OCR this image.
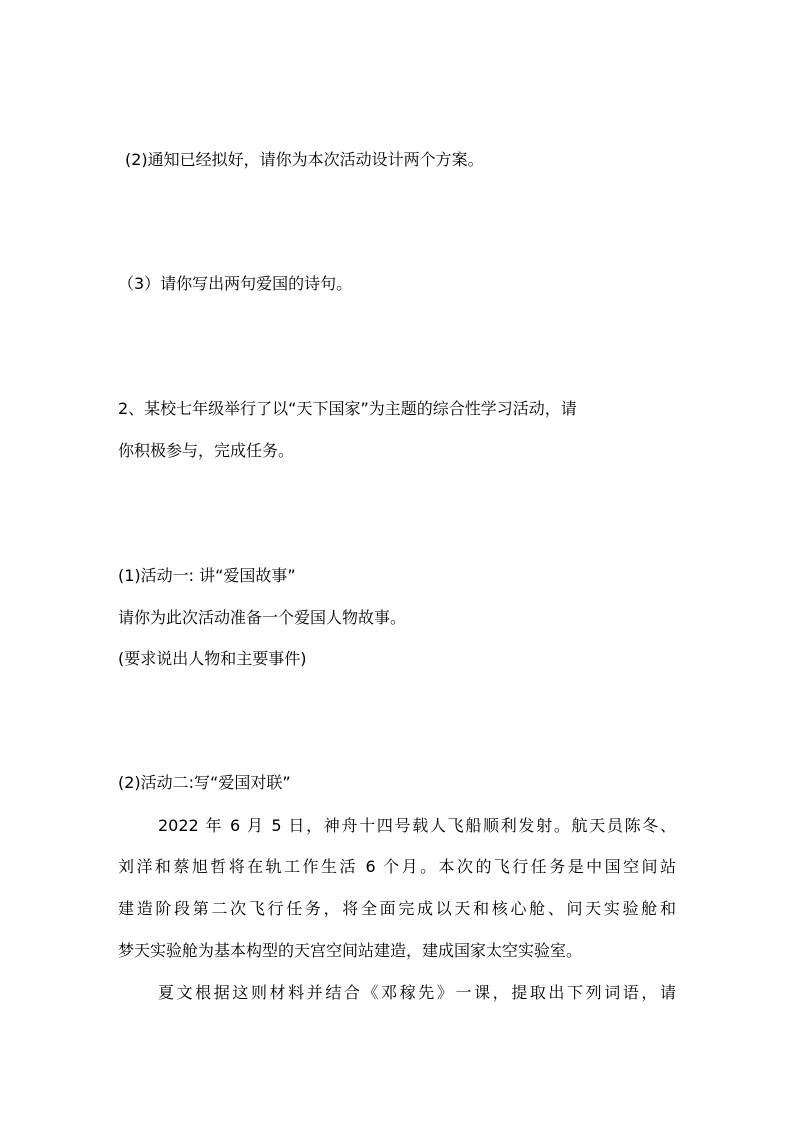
(2)通知已经拟好，请你为本次活动设计两个方案。
（3）请你写出两句爱国的诗句。
2、某校七年级举行了以“天下国家”为主题的综合性学习活动，请
你积极参与，完成任务。
(1)活动一: 讲“爱国故事”
请你为此次活动准备一个爱国人物故事。
(要求说出人物和主要事件)
(2)活动二:写“爱国对联”
2022 年 6 月 5 日，神舟十四号载人飞船顺利发射。航天员陈冬、
刘洋和蔡旭哲将在轨工作生活 6 个月。本次的飞行任务是中国空间站
建造阶段第二次飞行任务，将全面完成以天和核心舱、问天实验舱和
梦天实验舱为基本构型的天宫空间站建造，建成国家太空实验室。
夏文根据这则材料并结合《邓稼先》一课，提取出下列词语，请
